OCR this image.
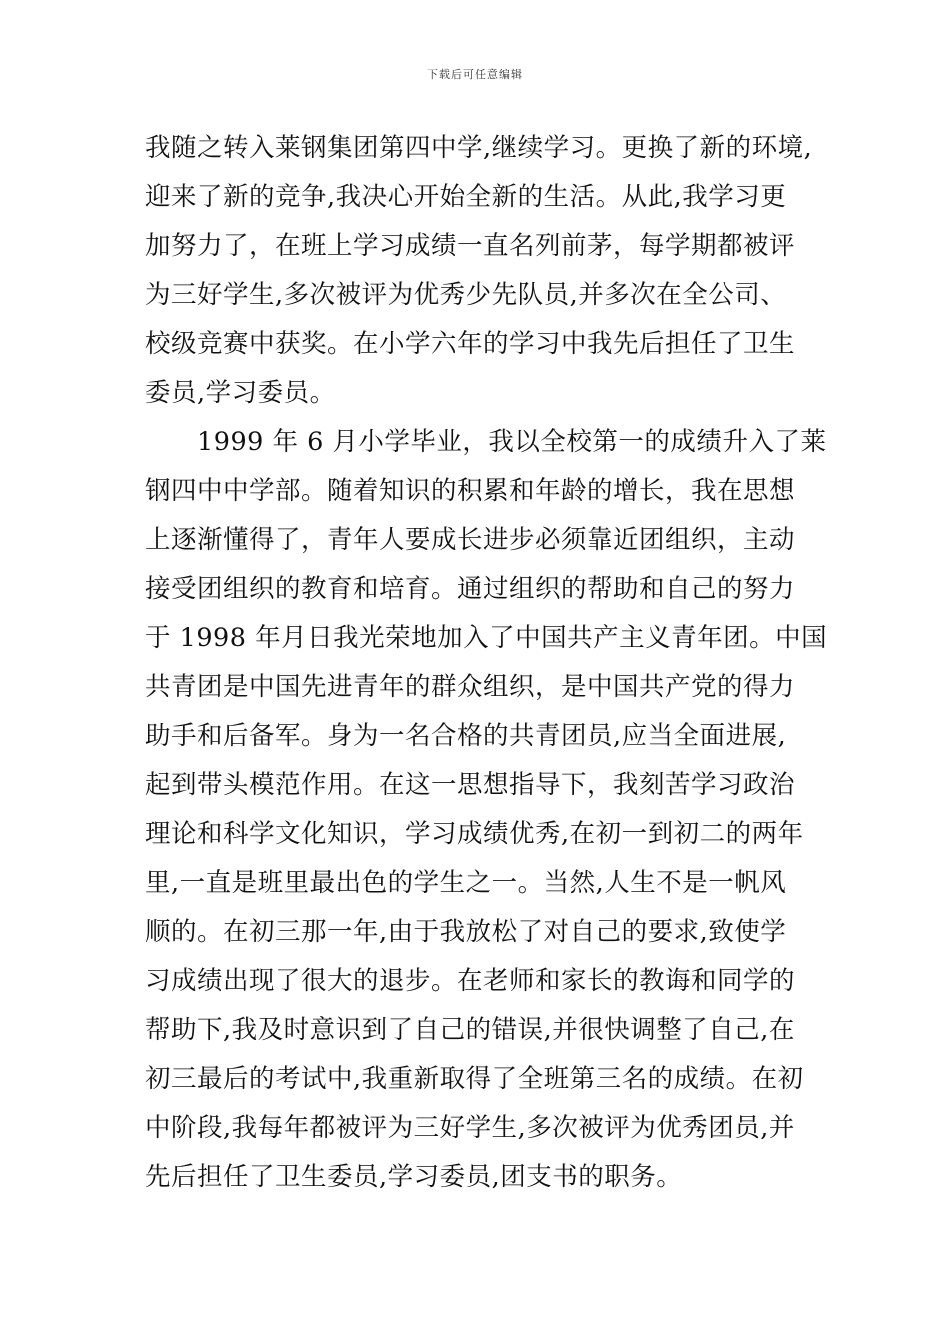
下载后可任意编辑
我随之转入莱钢集团第四中学,继续学习。更换了新的环境,
迎来了新的竞争,我决心开始全新的生活。从此,我学习更
加努力了，在班上学习成绩一直名列前茅，每学期都被评
为三好学生,多次被评为优秀少先队员,并多次在全公司、
校级竞赛中获奖。在小学六年的学习中我先后担任了卫生
委员,学习委员。
1999 年 6 月小学毕业，我以全校第一的成绩升入了莱
钢四中中学部。随着知识的积累和年龄的增长，我在思想
上逐渐懂得了，青年人要成长进步必须靠近团组织，主动
接受团组织的教育和培育。通过组织的帮助和自己的努力
于 1998 年月日我光荣地加入了中国共产主义青年团。中国
共青团是中国先进青年的群众组织，是中国共产党的得力
助手和后备军。身为一名合格的共青团员,应当全面进展,
起到带头模范作用。在这一思想指导下，我刻苦学习政治
理论和科学文化知识，学习成绩优秀,在初一到初二的两年
里,一直是班里最出色的学生之一。当然,人生不是一帆风
顺的。在初三那一年,由于我放松了对自己的要求,致使学
习成绩出现了很大的退步。在老师和家长的教诲和同学的
帮助下,我及时意识到了自己的错误,并很快调整了自己,在
初三最后的考试中,我重新取得了全班第三名的成绩。在初
中阶段,我每年都被评为三好学生,多次被评为优秀团员,并
先后担任了卫生委员,学习委员,团支书的职务。
